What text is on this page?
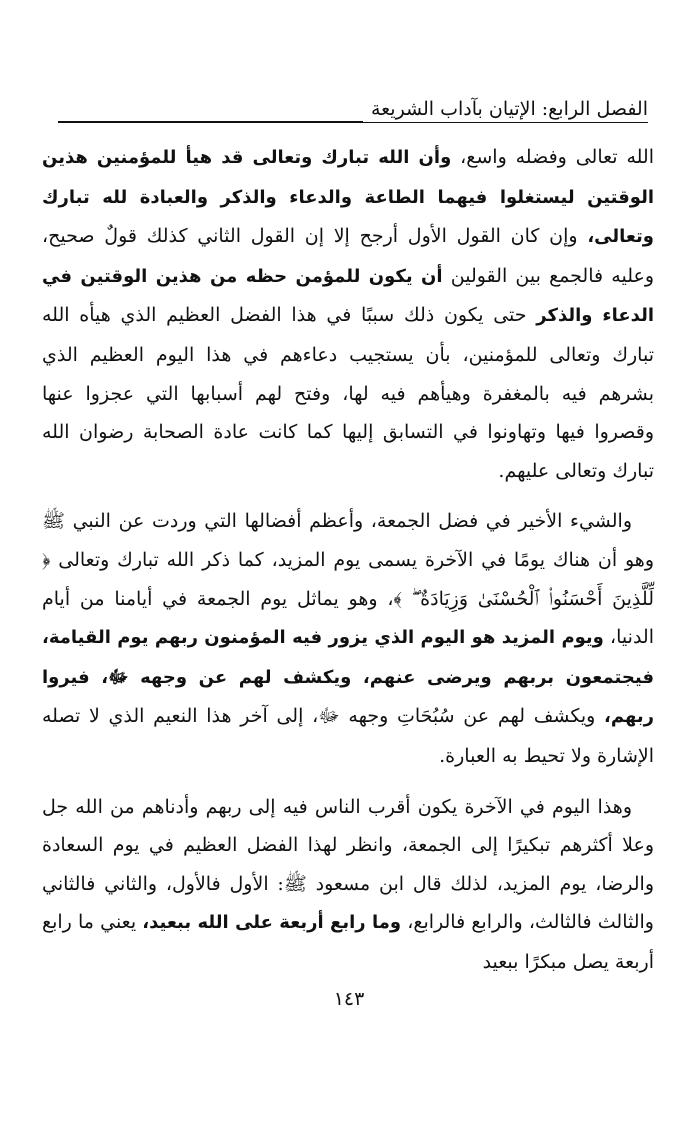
الفصل الرابع: الإتيان بآداب الشريعة

الله تعالى وفضله واسع، وأن الله تبارك وتعالى قد هيأ للمؤمنين هذين الوقتين ليستغلوا فيهما الطاعة والدعاء والذكر والعبادة لله تبارك وتعالى، وإن كان القول الأول أرجح إلا إن القول الثاني كذلك قولٌ صحيح، وعليه فالجمع بين القولين أن يكون للمؤمن حظه من هذين الوقتين في الدعاء والذكر حتى يكون ذلك سببًا في هذا الفضل العظيم الذي هيأه الله تبارك وتعالى للمؤمنين، بأن يستجيب دعاءهم في هذا اليوم العظيم الذي بشرهم فيه بالمغفرة وهيأهم فيه لها، وفتح لهم أسبابها التي عجزوا عنها وقصروا فيها وتهاونوا في التسابق إليها كما كانت عادة الصحابة رضوان الله تبارك وتعالى عليهم.

والشيء الأخير في فضل الجمعة، وأعظم أفضالها التي وردت عن النبي ﷺ وهو أن هناك يومًا في الآخرة يسمى يوم المزيد، كما ذكر الله تبارك وتعالى ﴿ لِّلَّذِينَ أَحْسَنُوا۟ ٱلْحُسْنَىٰ وَزِيَادَةٌ ۖ ﴾، وهو يماثل يوم الجمعة في أيامنا من أيام الدنيا، ويوم المزيد هو اليوم الذي يزور فيه المؤمنون ربهم يوم القيامة، فيجتمعون بربهم ويرضى عنهم، ويكشف لهم عن وجهه ﷻ، فيروا ربهم، ويكشف لهم عن سُبُحَاتِ وجهه ﷻ، إلى آخر هذا النعيم الذي لا تصله الإشارة ولا تحيط به العبارة.

وهذا اليوم في الآخرة يكون أقرب الناس فيه إلى ربهم وأدناهم من الله جل وعلا أكثرهم تبكيرًا إلى الجمعة، وانظر لهذا الفضل العظيم في يوم السعادة والرضا، يوم المزيد، لذلك قال ابن مسعود ﷺ: الأول فالأول، والثاني فالثاني والثالث فالثالث، والرابع فالرابع، وما رابع أربعة على الله ببعيد، يعني ما رابع أربعة يصل مبكرًا ببعيد

١٤٣
